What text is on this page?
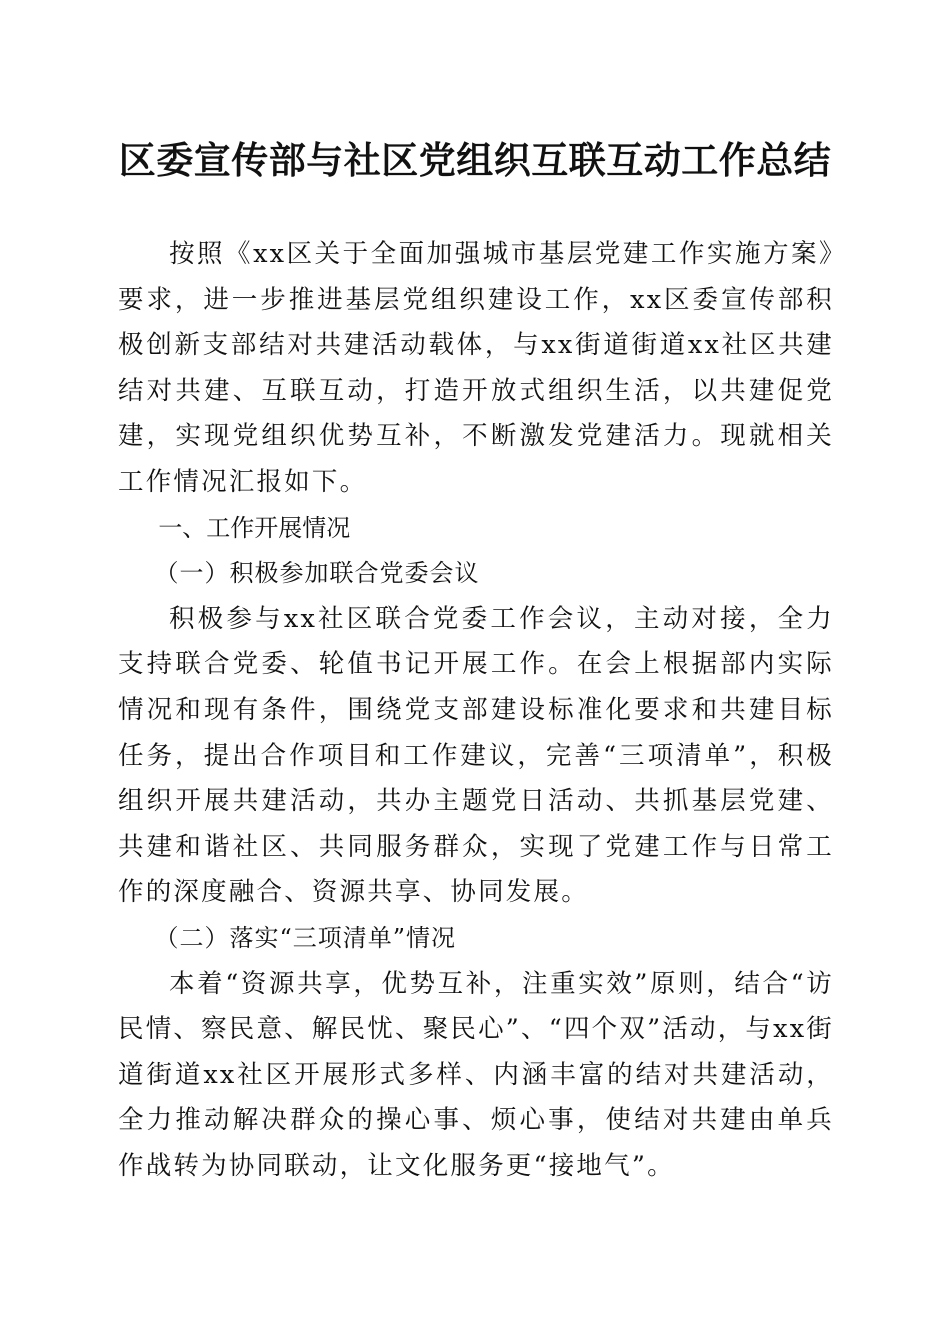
区委宣传部与社区党组织互联互动工作总结

按照《xx区关于全面加强城市基层党建工作实施方案》要求，进一步推进基层党组织建设工作，xx区委宣传部积极创新支部结对共建活动载体，与xx街道街道xx社区共建结对共建、互联互动，打造开放式组织生活，以共建促党建，实现党组织优势互补，不断激发党建活力。现就相关工作情况汇报如下。

一、工作开展情况

（一）积极参加联合党委会议

积极参与xx社区联合党委工作会议，主动对接，全力支持联合党委、轮值书记开展工作。在会上根据部内实际情况和现有条件，围绕党支部建设标准化要求和共建目标任务，提出合作项目和工作建议，完善“三项清单”，积极组织开展共建活动，共办主题党日活动、共抓基层党建、共建和谐社区、共同服务群众，实现了党建工作与日常工作的深度融合、资源共享、协同发展。

（二）落实“三项清单”情况

本着“资源共享，优势互补，注重实效”原则，结合“访民情、察民意、解民忧、聚民心”、“四个双”活动，与xx街道街道xx社区开展形式多样、内涵丰富的结对共建活动，全力推动解决群众的操心事、烦心事，使结对共建由单兵作战转为协同联动，让文化服务更“接地气”。
